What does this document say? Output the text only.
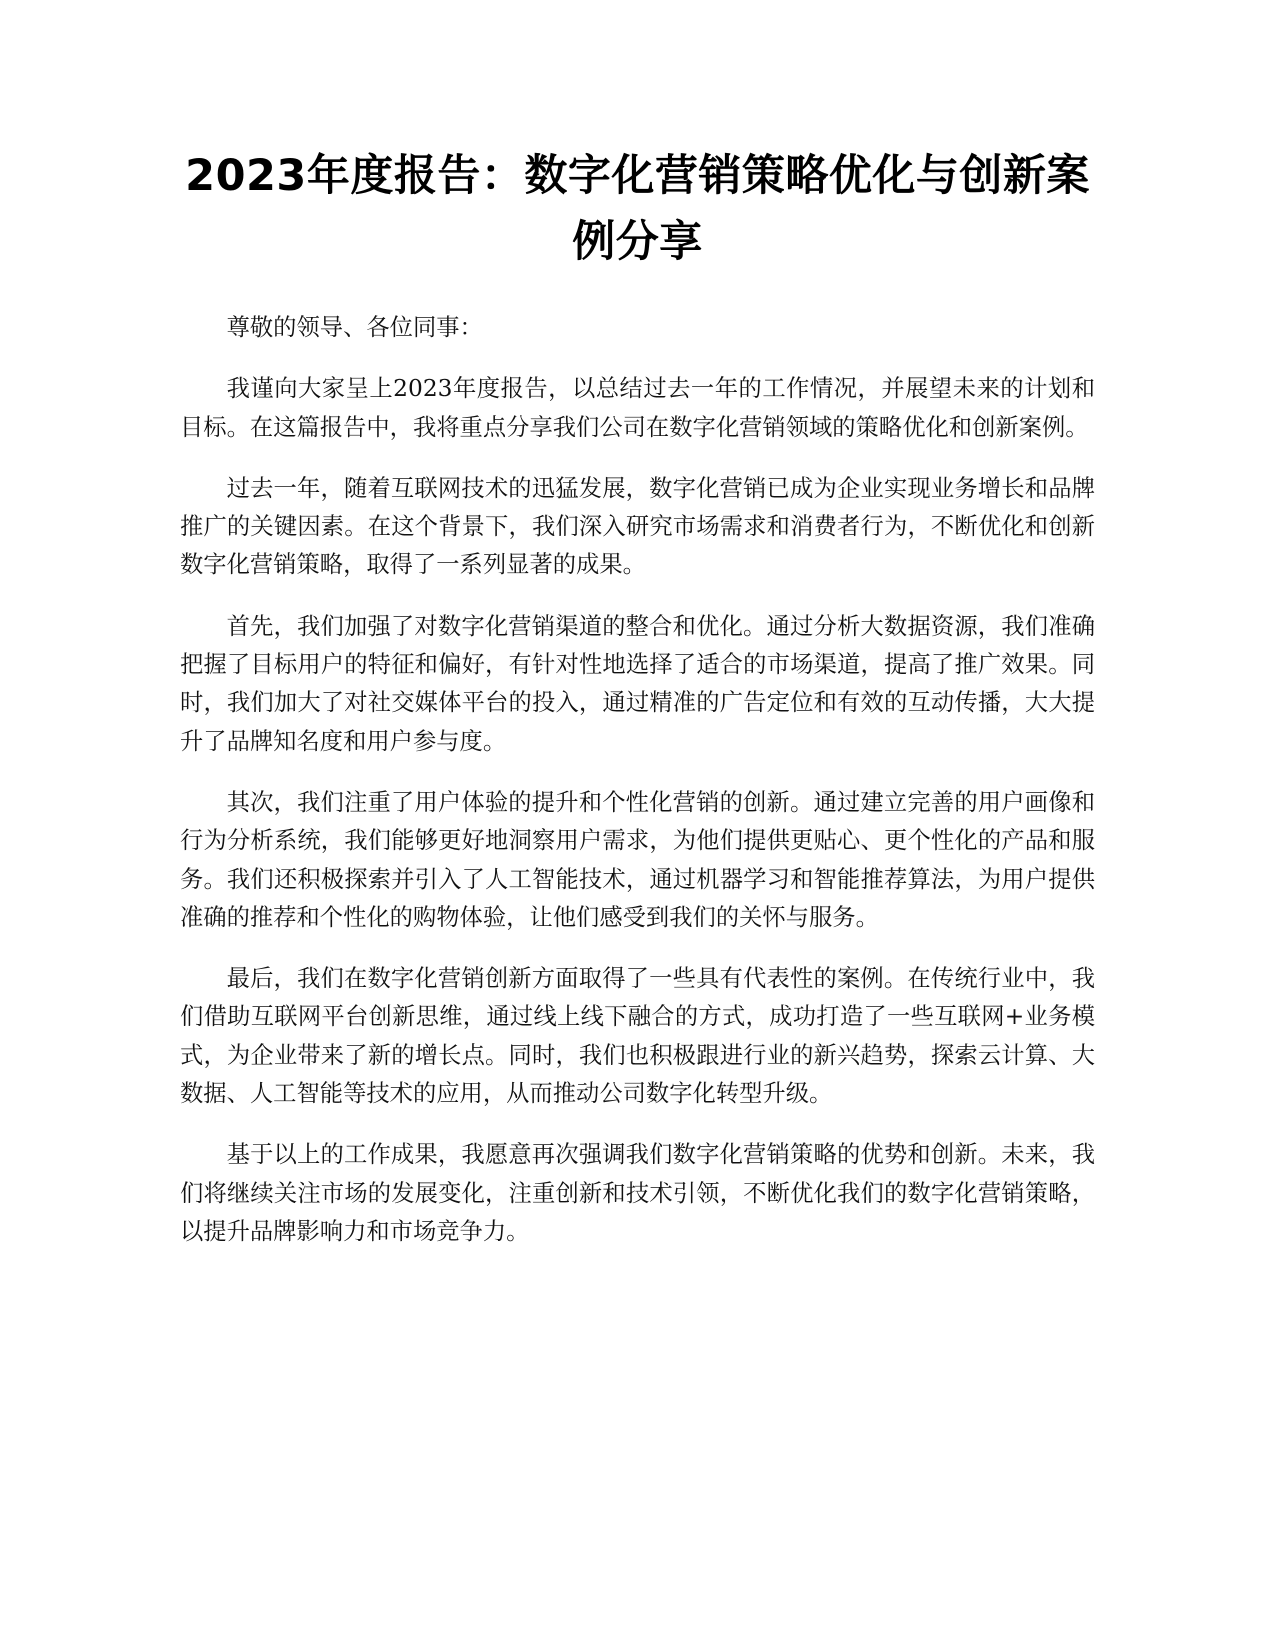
2023年度报告：数字化营销策略优化与创新案例分享

尊敬的领导、各位同事：

我谨向大家呈上2023年度报告，以总结过去一年的工作情况，并展望未来的计划和目标。在这篇报告中，我将重点分享我们公司在数字化营销领域的策略优化和创新案例。

过去一年，随着互联网技术的迅猛发展，数字化营销已成为企业实现业务增长和品牌推广的关键因素。在这个背景下，我们深入研究市场需求和消费者行为，不断优化和创新数字化营销策略，取得了一系列显著的成果。

首先，我们加强了对数字化营销渠道的整合和优化。通过分析大数据资源，我们准确把握了目标用户的特征和偏好，有针对性地选择了适合的市场渠道，提高了推广效果。同时，我们加大了对社交媒体平台的投入，通过精准的广告定位和有效的互动传播，大大提升了品牌知名度和用户参与度。

其次，我们注重了用户体验的提升和个性化营销的创新。通过建立完善的用户画像和行为分析系统，我们能够更好地洞察用户需求，为他们提供更贴心、更个性化的产品和服务。我们还积极探索并引入了人工智能技术，通过机器学习和智能推荐算法，为用户提供准确的推荐和个性化的购物体验，让他们感受到我们的关怀与服务。

最后，我们在数字化营销创新方面取得了一些具有代表性的案例。在传统行业中，我们借助互联网平台创新思维，通过线上线下融合的方式，成功打造了一些互联网+业务模式，为企业带来了新的增长点。同时，我们也积极跟进行业的新兴趋势，探索云计算、大数据、人工智能等技术的应用，从而推动公司数字化转型升级。

基于以上的工作成果，我愿意再次强调我们数字化营销策略的优势和创新。未来，我们将继续关注市场的发展变化，注重创新和技术引领，不断优化我们的数字化营销策略，以提升品牌影响力和市场竞争力。
